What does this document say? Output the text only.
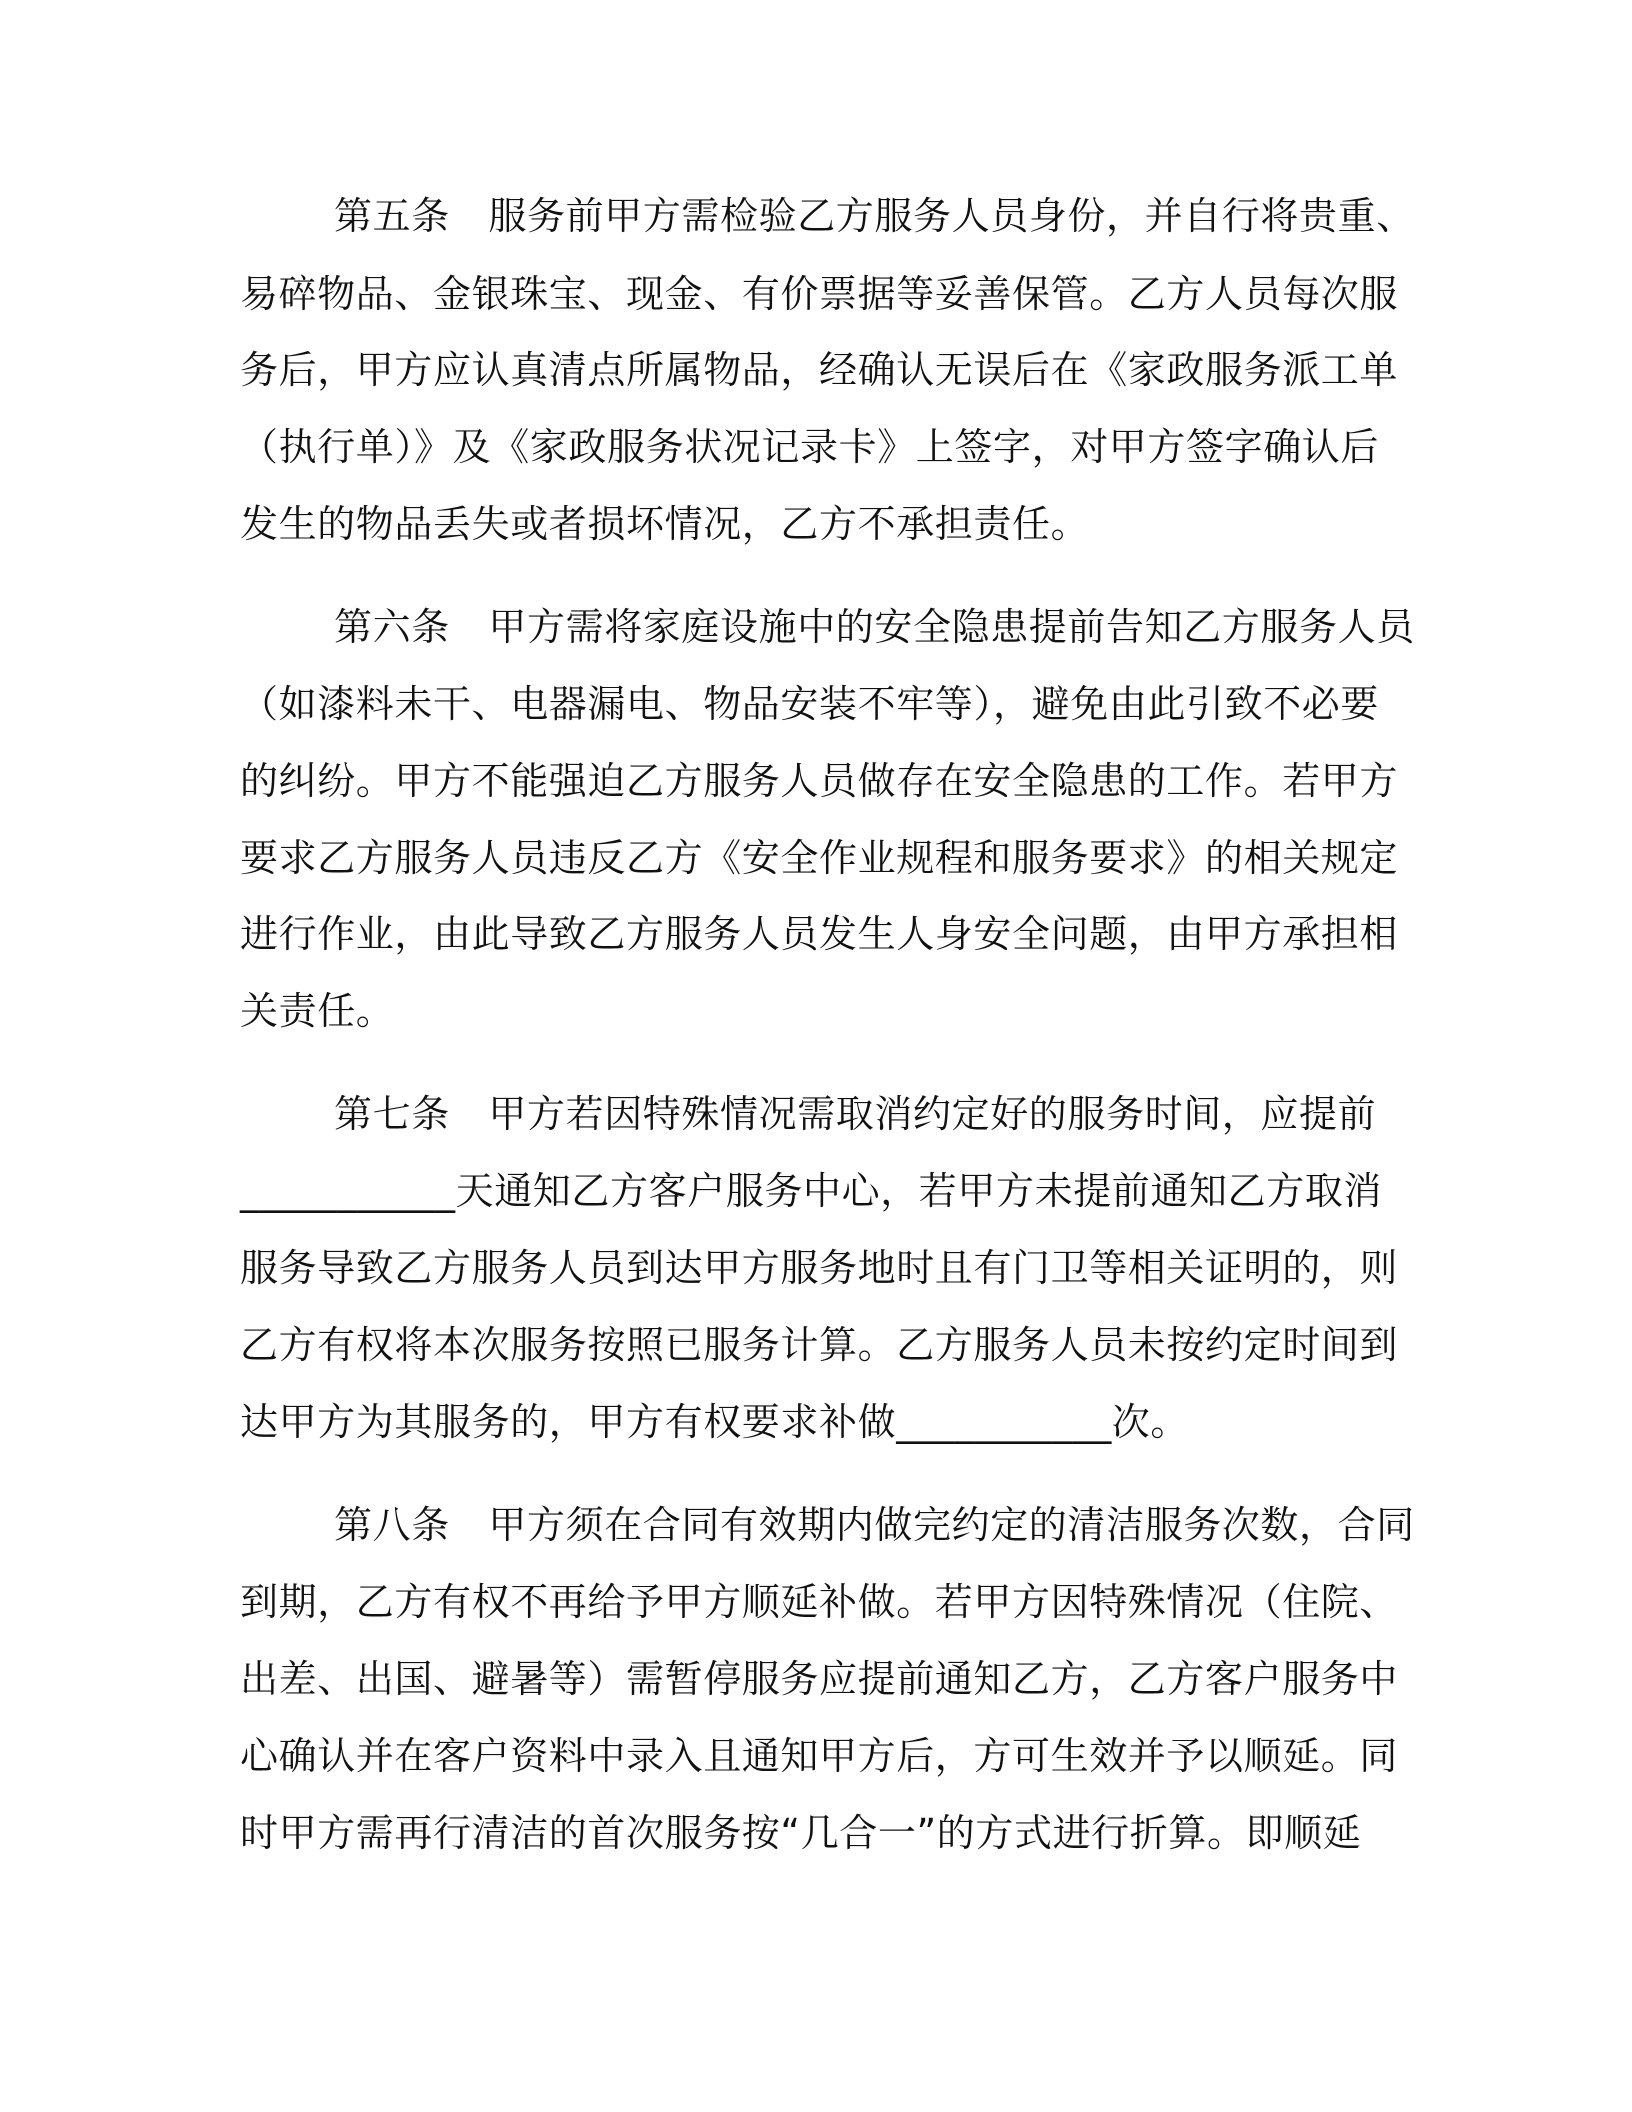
第五条　服务前甲方需检验乙方服务人员身份，并自行将贵重、
易碎物品、金银珠宝、现金、有价票据等妥善保管。乙方人员每次服
务后，甲方应认真清点所属物品，经确认无误后在《家政服务派工单
（执行单）》及《家政服务状况记录卡》上签字，对甲方签字确认后
发生的物品丢失或者损坏情况，乙方不承担责任。
第六条　甲方需将家庭设施中的安全隐患提前告知乙方服务人员
（如漆料未干、电器漏电、物品安装不牢等），避免由此引致不必要
的纠纷。甲方不能强迫乙方服务人员做存在安全隐患的工作。若甲方
要求乙方服务人员违反乙方《安全作业规程和服务要求》的相关规定
进行作业，由此导致乙方服务人员发生人身安全问题，由甲方承担相
关责任。
第七条　甲方若因特殊情况需取消约定好的服务时间，应提前
___________天通知乙方客户服务中心，若甲方未提前通知乙方取消
服务导致乙方服务人员到达甲方服务地时且有门卫等相关证明的，则
乙方有权将本次服务按照已服务计算。乙方服务人员未按约定时间到
达甲方为其服务的，甲方有权要求补做___________次。
第八条　甲方须在合同有效期内做完约定的清洁服务次数，合同
到期，乙方有权不再给予甲方顺延补做。若甲方因特殊情况（住院、
出差、出国、避暑等）需暂停服务应提前通知乙方，乙方客户服务中
心确认并在客户资料中录入且通知甲方后，方可生效并予以顺延。同
时甲方需再行清洁的首次服务按“几合一”的方式进行折算。即顺延
